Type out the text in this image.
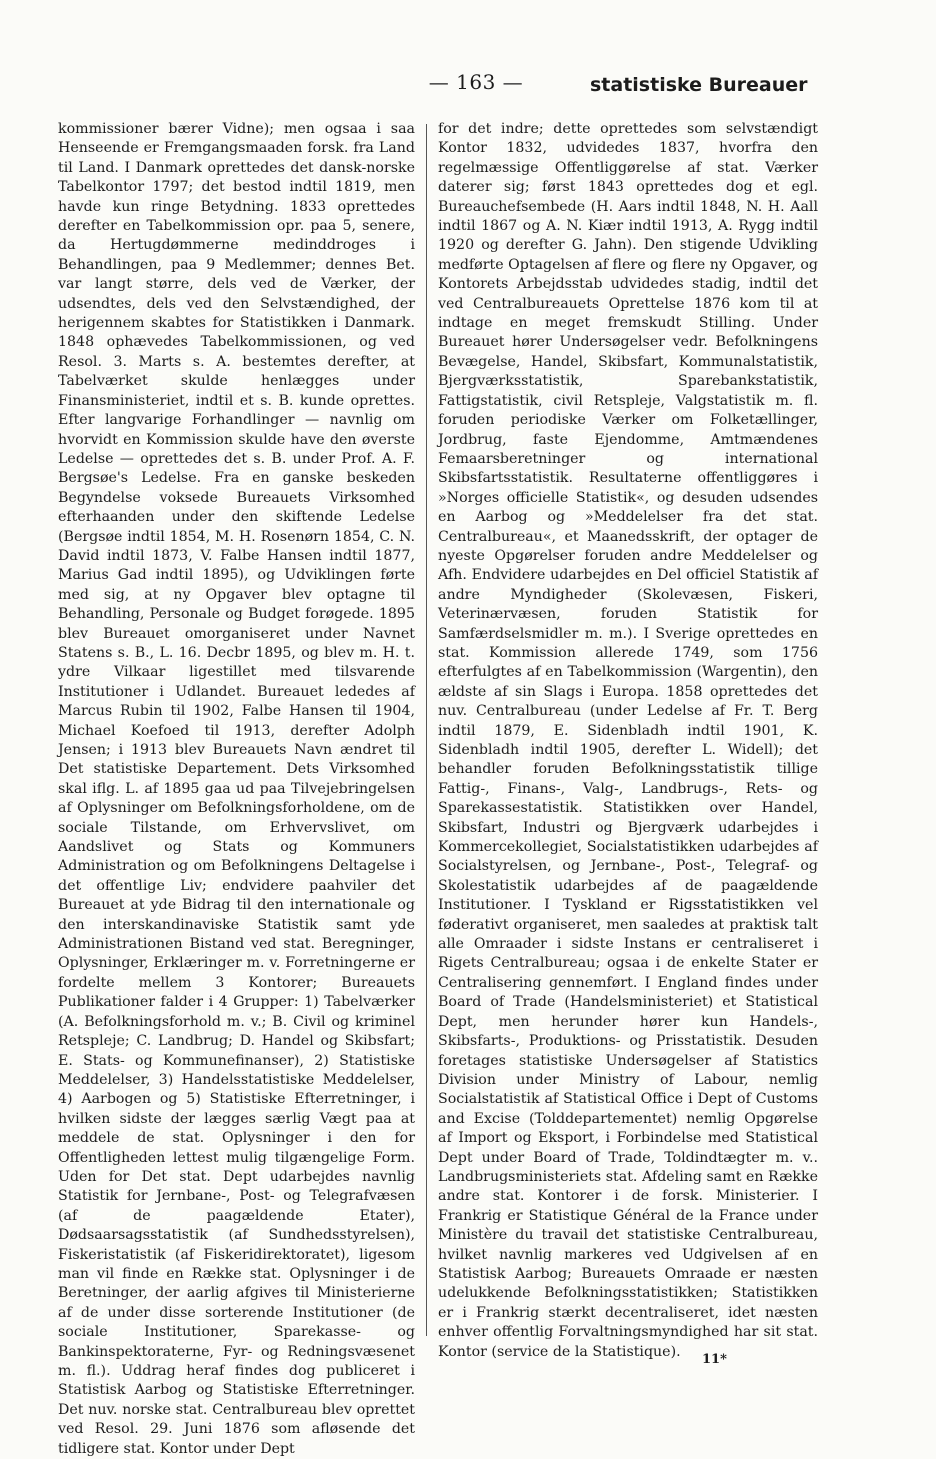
— 163 —	statistiske Bureauer

kommissioner bærer Vidne); men ogsaa i saa Henseende er Fremgangsmaaden forsk. fra Land til Land. I Danmark oprettedes det dansk-norske Tabelkontor 1797; det bestod indtil 1819, men havde kun ringe Betydning. 1833 oprettedes derefter en Tabelkommission opr. paa 5, senere, da Hertugdømmerne medinddroges i Behandlingen, paa 9 Medlemmer; dennes Bet. var langt større, dels ved de Værker, der udsendtes, dels ved den Selvstændighed, der herigennem skabtes for Statistikken i Danmark. 1848 ophævedes Tabelkommissionen, og ved Resol. 3. Marts s. A. bestemtes derefter, at Tabelværket skulde henlægges under Finansministeriet, indtil et s. B. kunde oprettes. Efter langvarige Forhandlinger — navnlig om hvorvidt en Kommission skulde have den øverste Ledelse — oprettedes det s. B. under Prof. A. F. Bergsøe's Ledelse. Fra en ganske beskeden Begyndelse voksede Bureauets Virksomhed efterhaanden under den skiftende Ledelse (Bergsøe indtil 1854, M. H. Rosenørn 1854, C. N. David indtil 1873, V. Falbe Hansen indtil 1877, Marius Gad indtil 1895), og Udviklingen førte med sig, at ny Opgaver blev optagne til Behandling, Personale og Budget forøgede. 1895 blev Bureauet omorganiseret under Navnet Statens s. B., L. 16. Decbr 1895, og blev m. H. t. ydre Vilkaar ligestillet med tilsvarende Institutioner i Udlandet. Bureauet lededes af Marcus Rubin til 1902, Falbe Hansen til 1904, Michael Koefoed til 1913, derefter Adolph Jensen; i 1913 blev Bureauets Navn ændret til Det statistiske Departement. Dets Virksomhed skal iflg. L. af 1895 gaa ud paa Tilvejebringelsen af Oplysninger om Befolkningsforholdene, om de sociale Tilstande, om Erhvervslivet, om Aandslivet og Stats og Kommuners Administration og om Befolkningens Deltagelse i det offentlige Liv; endvidere paahviler det Bureauet at yde Bidrag til den internationale og den interskandinaviske Statistik samt yde Administrationen Bistand ved stat. Beregninger, Oplysninger, Erklæringer m. v. Forretningerne er fordelte mellem 3 Kontorer; Bureauets Publikationer falder i 4 Grupper: 1) Tabelværker (A. Befolkningsforhold m. v.; B. Civil og kriminel Retspleje; C. Landbrug; D. Handel og Skibsfart; E. Stats- og Kommunefinanser), 2) Statistiske Meddelelser, 3) Handelsstatistiske Meddelelser, 4) Aarbogen og 5) Statistiske Efterretninger, i hvilken sidste der lægges særlig Vægt paa at meddele de stat. Oplysninger i den for Offentligheden lettest mulig tilgængelige Form. Uden for Det stat. Dept udarbejdes navnlig Statistik for Jernbane-, Post- og Telegrafvæsen (af de paagældende Etater), Dødsaarsagsstatistik (af Sundhedsstyrelsen), Fiskeristatistik (af Fiskeridirektoratet), ligesom man vil finde en Række stat. Oplysninger i de Beretninger, der aarlig afgives til Ministerierne af de under disse sorterende Institutioner (de sociale Institutioner, Sparekasse- og Bankinspektoraterne, Fyr- og Redningsvæsenet m. fl.). Uddrag heraf findes dog publiceret i Statistisk Aarbog og Statistiske Efterretninger. Det nuv. norske stat. Centralbureau blev oprettet ved Resol. 29. Juni 1876 som afløsende det tidligere stat. Kontor under Dept

for det indre; dette oprettedes som selvstændigt Kontor 1832, udvidedes 1837, hvorfra den regelmæssige Offentliggørelse af stat. Værker daterer sig; først 1843 oprettedes dog et egl. Bureauchefsembede (H. Aars indtil 1848, N. H. Aall indtil 1867 og A. N. Kiær indtil 1913, A. Rygg indtil 1920 og derefter G. Jahn). Den stigende Udvikling medførte Optagelsen af flere og flere ny Opgaver, og Kontorets Arbejdsstab udvidedes stadig, indtil det ved Centralbureauets Oprettelse 1876 kom til at indtage en meget fremskudt Stilling. Under Bureauet hører Undersøgelser vedr. Befolkningens Bevægelse, Handel, Skibsfart, Kommunalstatistik, Bjergværksstatistik, Sparebankstatistik, Fattigstatistik, civil Retspleje, Valgstatistik m. fl. foruden periodiske Værker om Folketællinger, Jordbrug, faste Ejendomme, Amtmændenes Femaarsberetninger og international Skibsfartsstatistik. Resultaterne offentliggøres i »Norges officielle Statistik«, og desuden udsendes en Aarbog og »Meddelelser fra det stat. Centralbureau«, et Maanedsskrift, der optager de nyeste Opgørelser foruden andre Meddelelser og Afh. Endvidere udarbejdes en Del officiel Statistik af andre Myndigheder (Skolevæsen, Fiskeri, Veterinærvæsen, foruden Statistik for Samfærdselsmidler m. m.). I Sverige oprettedes en stat. Kommission allerede 1749, som 1756 efterfulgtes af en Tabelkommission (Wargentin), den ældste af sin Slags i Europa. 1858 oprettedes det nuv. Centralbureau (under Ledelse af Fr. T. Berg indtil 1879, E. Sidenbladh indtil 1901, K. Sidenbladh indtil 1905, derefter L. Widell); det behandler foruden Befolkningsstatistik tillige Fattig-, Finans-, Valg-, Landbrugs-, Rets- og Sparekassestatistik. Statistikken over Handel, Skibsfart, Industri og Bjergværk udarbejdes i Kommercekollegiet, Socialstatistikken udarbejdes af Socialstyrelsen, og Jernbane-, Post-, Telegraf- og Skolestatistik udarbejdes af de paagældende Institutioner. I Tyskland er Rigsstatistikken vel føderativt organiseret, men saaledes at praktisk talt alle Omraader i sidste Instans er centraliseret i Rigets Centralbureau; ogsaa i de enkelte Stater er Centralisering gennemført. I England findes under Board of Trade (Handelsministeriet) et Statistical Dept, men herunder hører kun Handels-, Skibsfarts-, Produktions- og Prisstatistik. Desuden foretages statistiske Undersøgelser af Statistics Division under Ministry of Labour, nemlig Socialstatistik af Statistical Office i Dept of Customs and Excise (Tolddepartementet) nemlig Opgørelse af Import og Eksport, i Forbindelse med Statistical Dept under Board of Trade, Toldindtægter m. v.. Landbrugsministeriets stat. Afdeling samt en Række andre stat. Kontorer i de forsk. Ministerier. I Frankrig er Statistique Général de la France under Ministère du travail det statistiske Centralbureau, hvilket navnlig markeres ved Udgivelsen af en Statistisk Aarbog; Bureauets Omraade er næsten udelukkende Befolkningsstatistikken; Statistikken er i Frankrig stærkt decentraliseret, idet næsten enhver offentlig Forvaltningsmyndighed har sit stat. Kontor (service de la Statistique).	11*
